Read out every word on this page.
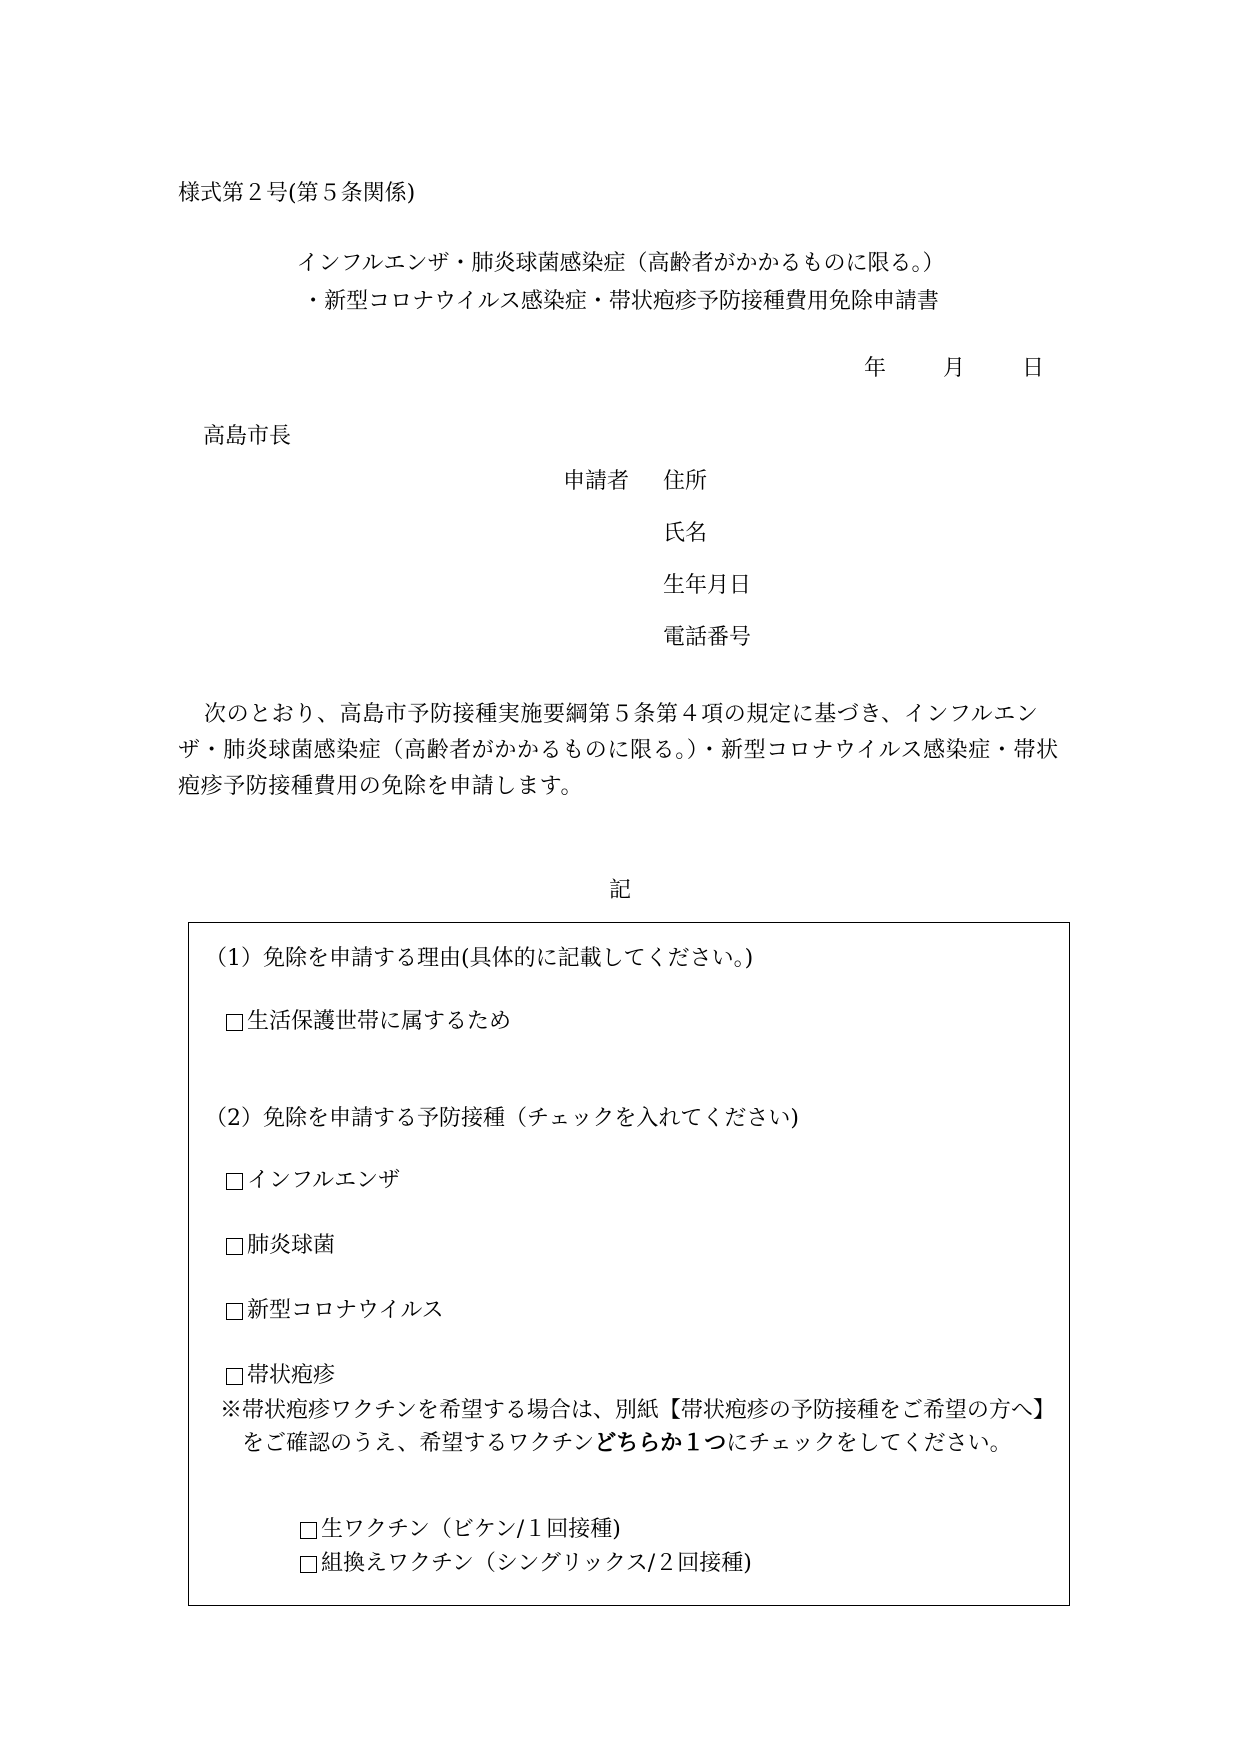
様式第２号(第５条関係)
インフルエンザ・肺炎球菌感染症（高齢者がかかるものに限る。）
・新型コロナウイルス感染症・帯状疱疹予防接種費用免除申請書
年	月	日
高島市長
申請者 住所
氏名
生年月日
電話番号
次のとおり、高島市予防接種実施要綱第５条第４項の規定に基づき、インフルエンザ・肺炎球菌感染症（高齢者がかかるものに限る。）・新型コロナウイルス感染症・帯状疱疹予防接種費用の免除を申請します。
記
（1）免除を申請する理由(具体的に記載してください。)
生活保護世帯に属するため
（2）免除を申請する予防接種（チェックを入れてください)
インフルエンザ
肺炎球菌
新型コロナウイルス
帯状疱疹
※帯状疱疹ワクチンを希望する場合は、別紙【帯状疱疹の予防接種をご希望の方へ】をご確認のうえ、希望するワクチンどちらか１つにチェックをしてください。
生ワクチン（ビケン/１回接種)
組換えワクチン（シングリックス/２回接種)
